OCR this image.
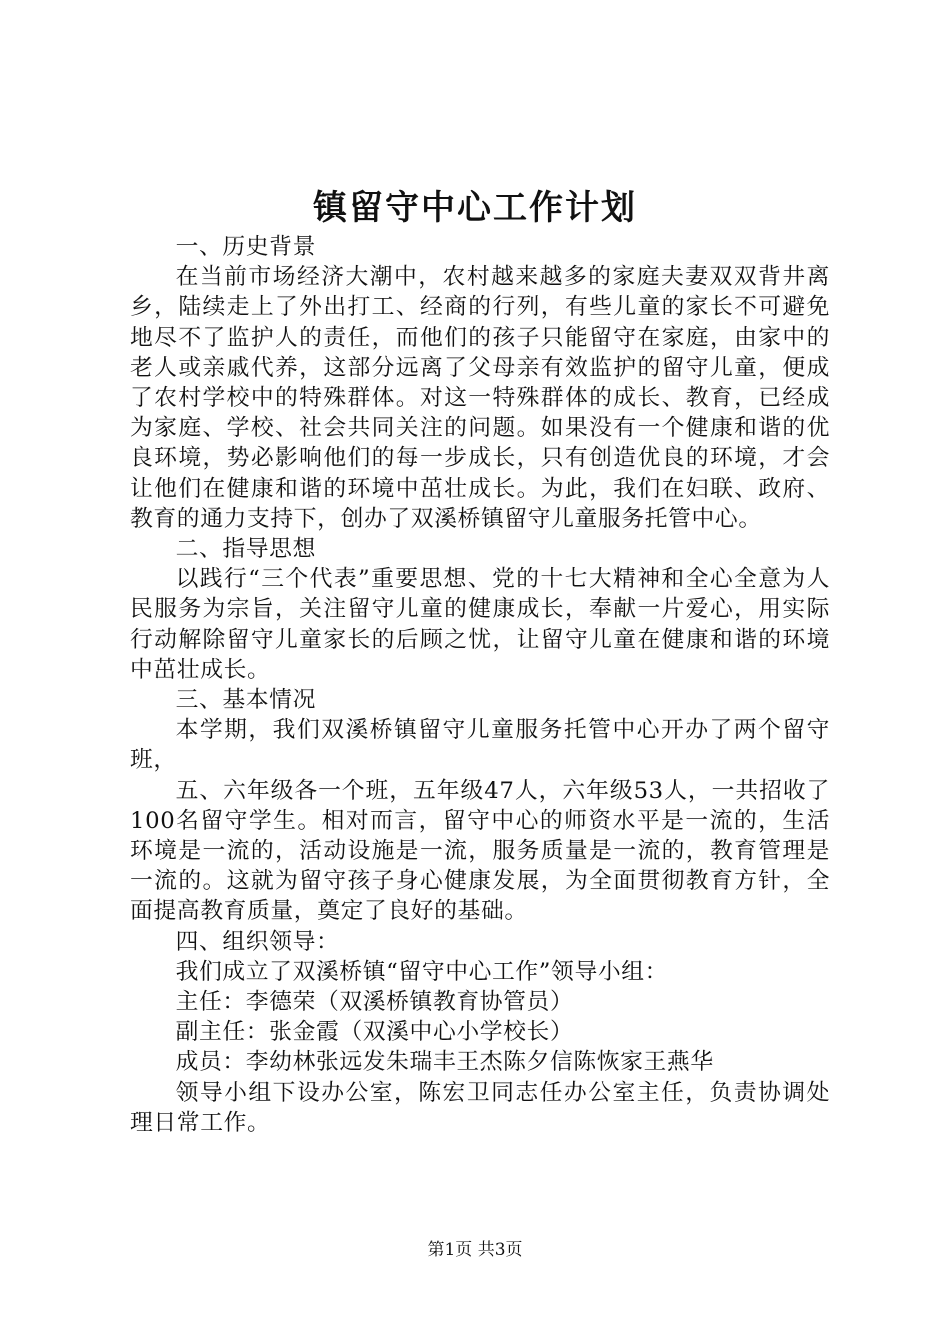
镇留守中心工作计划

一、历史背景

在当前市场经济大潮中，农村越来越多的家庭夫妻双双背井离乡，陆续走上了外出打工、经商的行列，有些儿童的家长不可避免地尽不了监护人的责任，而他们的孩子只能留守在家庭，由家中的老人或亲戚代养，这部分远离了父母亲有效监护的留守儿童，便成了农村学校中的特殊群体。对这一特殊群体的成长、教育，已经成为家庭、学校、社会共同关注的问题。如果没有一个健康和谐的优良环境，势必影响他们的每一步成长，只有创造优良的环境，才会让他们在健康和谐的环境中茁壮成长。为此，我们在妇联、政府、教育的通力支持下，创办了双溪桥镇留守儿童服务托管中心。

二、指导思想

以践行“三个代表”重要思想、党的十七大精神和全心全意为人民服务为宗旨，关注留守儿童的健康成长，奉献一片爱心，用实际行动解除留守儿童家长的后顾之忧，让留守儿童在健康和谐的环境中茁壮成长。

三、基本情况

本学期，我们双溪桥镇留守儿童服务托管中心开办了两个留守班，

五、六年级各一个班，五年级47人，六年级53人，一共招收了100名留守学生。相对而言，留守中心的师资水平是一流的，生活环境是一流的，活动设施是一流，服务质量是一流的，教育管理是一流的。这就为留守孩子身心健康发展，为全面贯彻教育方针，全面提高教育质量，奠定了良好的基础。

四、组织领导：

我们成立了双溪桥镇“留守中心工作”领导小组：

主任：李德荣（双溪桥镇教育协管员）

副主任：张金霞（双溪中心小学校长）

成员：李幼林张远发朱瑞丰王杰陈夕信陈恢家王燕华

领导小组下设办公室，陈宏卫同志任办公室主任，负责协调处理日常工作。

第1页 共3页
